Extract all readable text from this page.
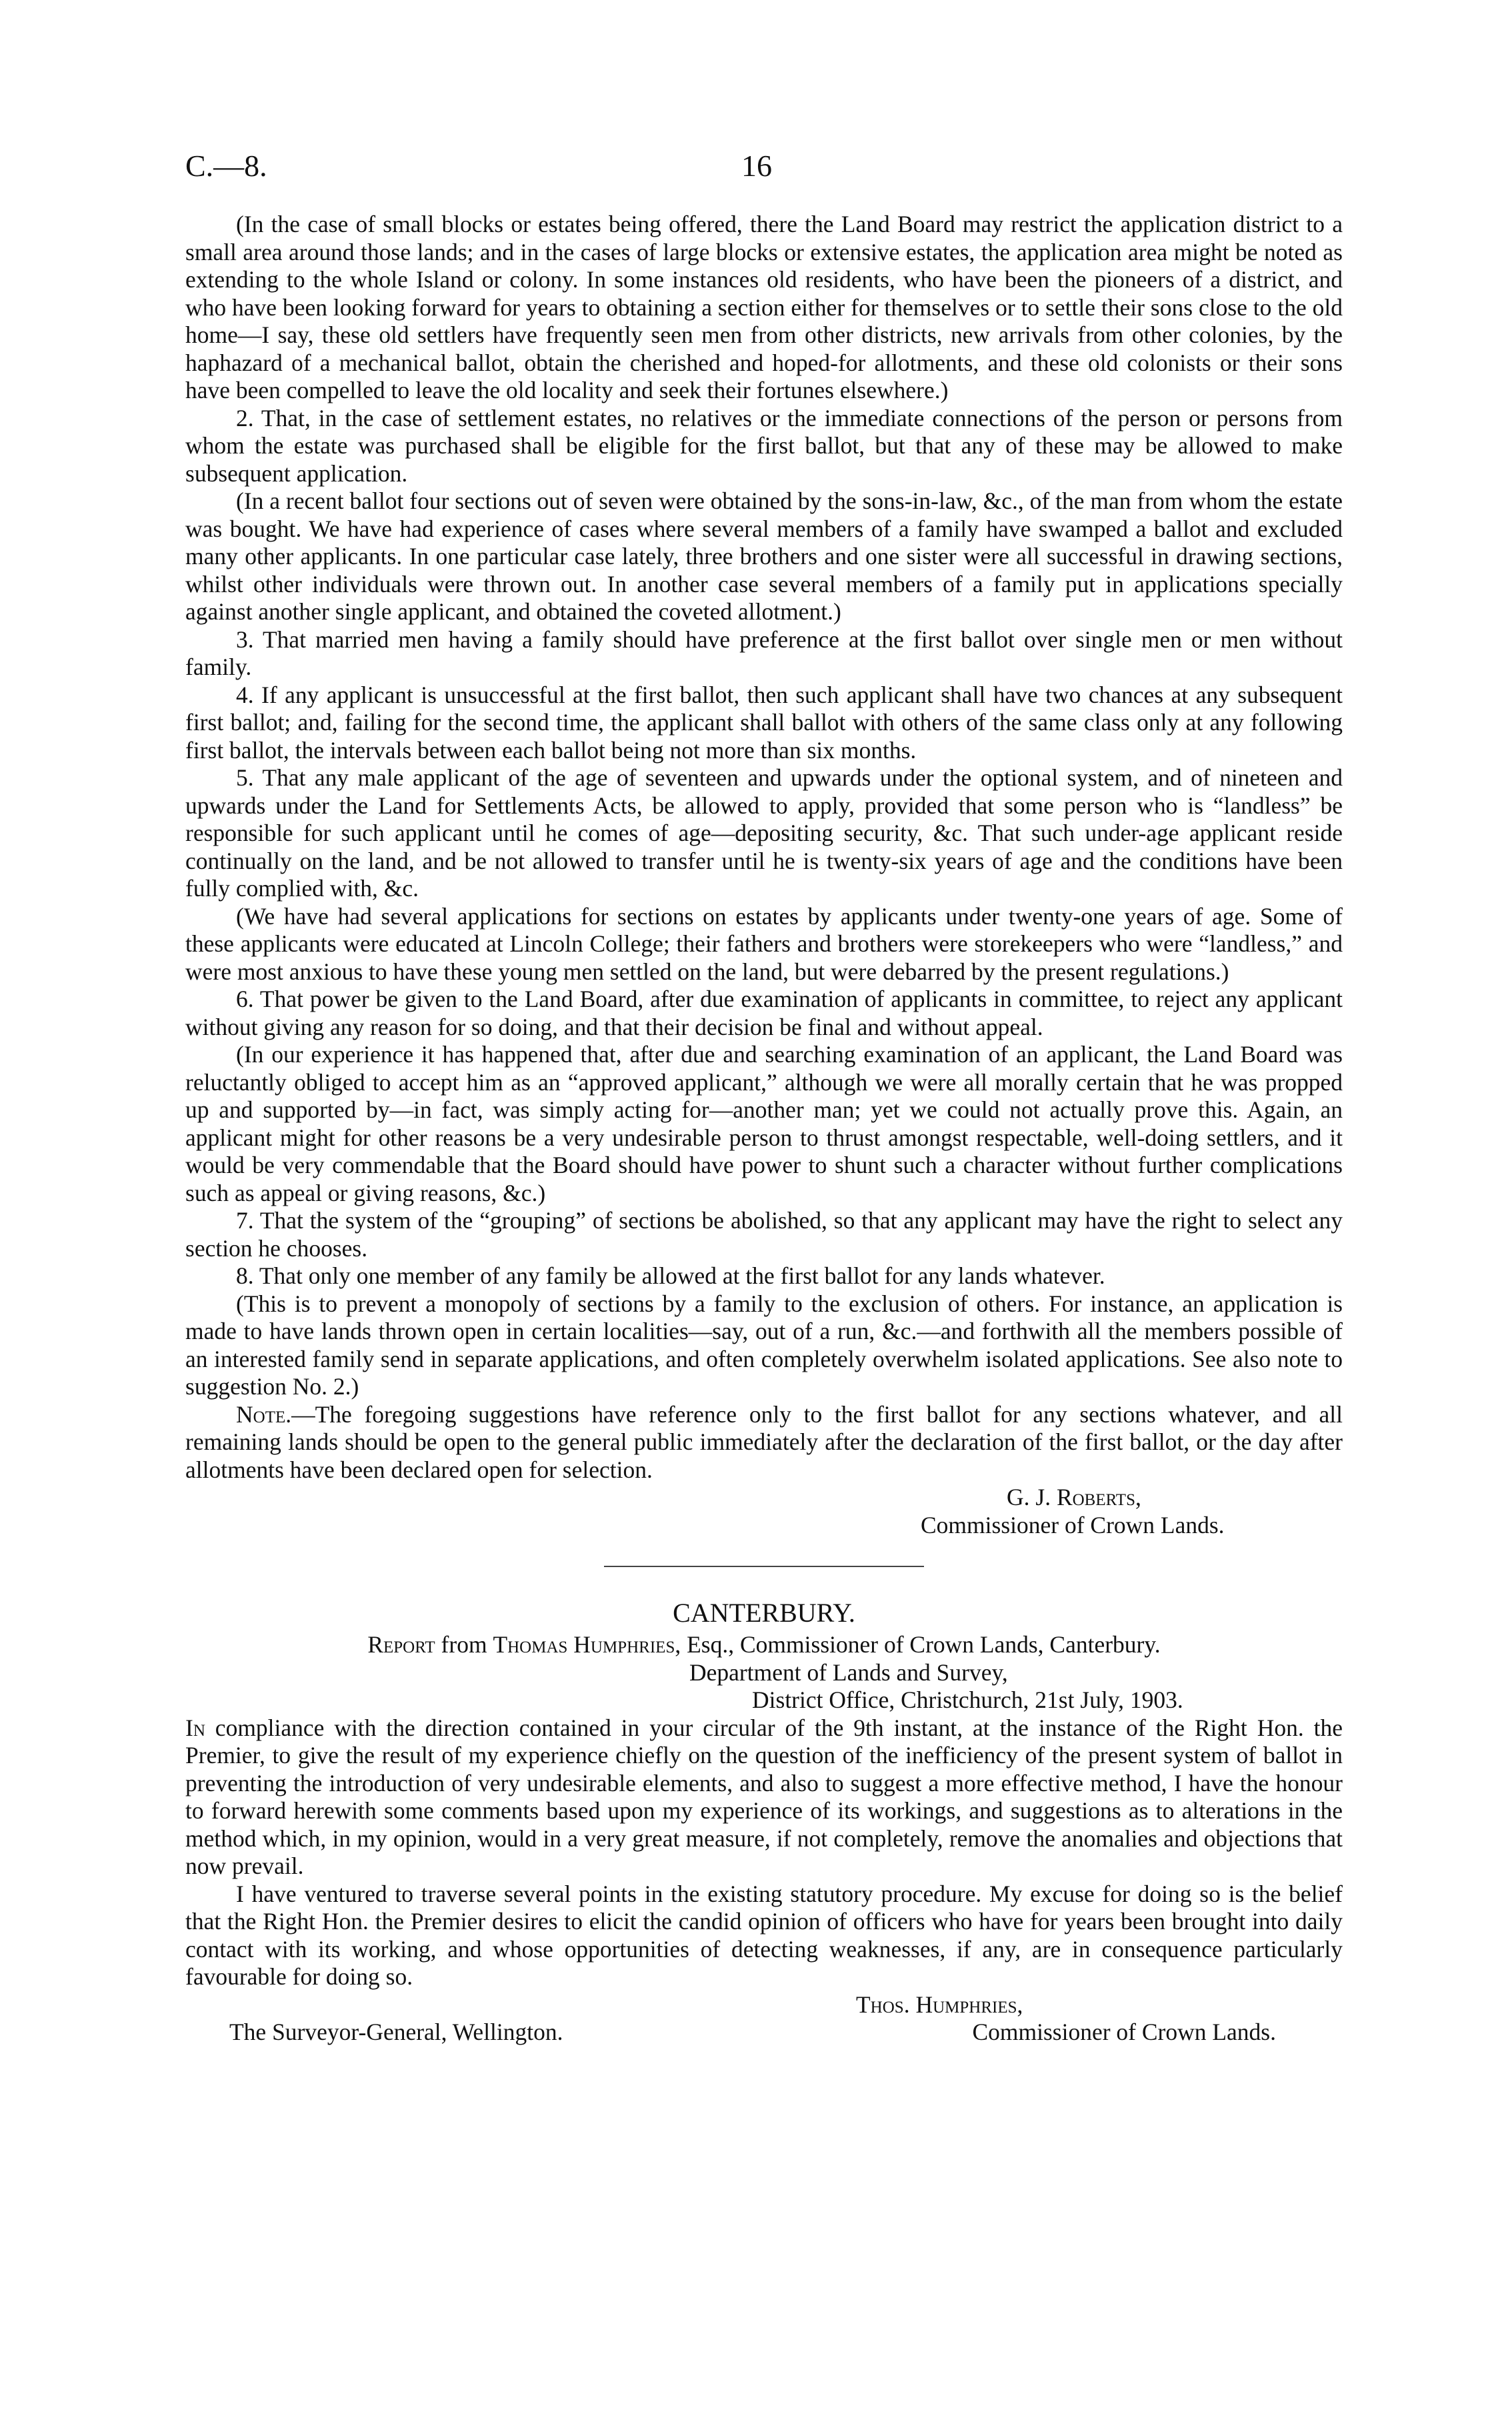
C.—8.	16

(In the case of small blocks or estates being offered, there the Land Board may restrict the application district to a small area around those lands; and in the cases of large blocks or extensive estates, the application area might be noted as extending to the whole Island or colony. In some instances old residents, who have been the pioneers of a district, and who have been looking forward for years to obtaining a section either for themselves or to settle their sons close to the old home—I say, these old settlers have frequently seen men from other districts, new arrivals from other colonies, by the haphazard of a mechanical ballot, obtain the cherished and hoped-for allotments, and these old colonists or their sons have been compelled to leave the old locality and seek their fortunes elsewhere.)

2. That, in the case of settlement estates, no relatives or the immediate connections of the person or persons from whom the estate was purchased shall be eligible for the first ballot, but that any of these may be allowed to make subsequent application.

(In a recent ballot four sections out of seven were obtained by the sons-in-law, &c., of the man from whom the estate was bought. We have had experience of cases where several members of a family have swamped a ballot and excluded many other applicants. In one particular case lately, three brothers and one sister were all successful in drawing sections, whilst other individuals were thrown out. In another case several members of a family put in applications specially against another single applicant, and obtained the coveted allotment.)

3. That married men having a family should have preference at the first ballot over single men or men without family.

4. If any applicant is unsuccessful at the first ballot, then such applicant shall have two chances at any subsequent first ballot; and, failing for the second time, the applicant shall ballot with others of the same class only at any following first ballot, the intervals between each ballot being not more than six months.

5. That any male applicant of the age of seventeen and upwards under the optional system, and of nineteen and upwards under the Land for Settlements Acts, be allowed to apply, provided that some person who is “landless” be responsible for such applicant until he comes of age—depositing security, &c. That such under-age applicant reside continually on the land, and be not allowed to transfer until he is twenty-six years of age and the conditions have been fully complied with, &c.

(We have had several applications for sections on estates by applicants under twenty-one years of age. Some of these applicants were educated at Lincoln College; their fathers and brothers were storekeepers who were “landless,” and were most anxious to have these young men settled on the land, but were debarred by the present regulations.)

6. That power be given to the Land Board, after due examination of applicants in committee, to reject any applicant without giving any reason for so doing, and that their decision be final and without appeal.

(In our experience it has happened that, after due and searching examination of an applicant, the Land Board was reluctantly obliged to accept him as an “approved applicant,” although we were all morally certain that he was propped up and supported by—in fact, was simply acting for—another man; yet we could not actually prove this. Again, an applicant might for other reasons be a very undesirable person to thrust amongst respectable, well-doing settlers, and it would be very commendable that the Board should have power to shunt such a character without further complications such as appeal or giving reasons, &c.)

7. That the system of the “grouping” of sections be abolished, so that any applicant may have the right to select any section he chooses.

8. That only one member of any family be allowed at the first ballot for any lands whatever.

(This is to prevent a monopoly of sections by a family to the exclusion of others. For instance, an application is made to have lands thrown open in certain localities—say, out of a run, &c.—and forthwith all the members possible of an interested family send in separate applications, and often completely overwhelm isolated applications. See also note to suggestion No. 2.)

Note.—The foregoing suggestions have reference only to the first ballot for any sections whatever, and all remaining lands should be open to the general public immediately after the declaration of the first ballot, or the day after allotments have been declared open for selection.

G. J. Roberts,

Commissioner of Crown Lands.

CANTERBURY.

Report from Thomas Humphries, Esq., Commissioner of Crown Lands, Canterbury.

Department of Lands and Survey,

District Office, Christchurch, 21st July, 1903.

In compliance with the direction contained in your circular of the 9th instant, at the instance of the Right Hon. the Premier, to give the result of my experience chiefly on the question of the inefficiency of the present system of ballot in preventing the introduction of very undesirable elements, and also to suggest a more effective method, I have the honour to forward herewith some comments based upon my experience of its workings, and suggestions as to alterations in the method which, in my opinion, would in a very great measure, if not completely, remove the anomalies and objections that now prevail.

I have ventured to traverse several points in the existing statutory procedure. My excuse for doing so is the belief that the Right Hon. the Premier desires to elicit the candid opinion of officers who have for years been brought into daily contact with its working, and whose opportunities of detecting weaknesses, if any, are in consequence particularly favourable for doing so.

Thos. Humphries,

The Surveyor-General, Wellington.	Commissioner of Crown Lands.
